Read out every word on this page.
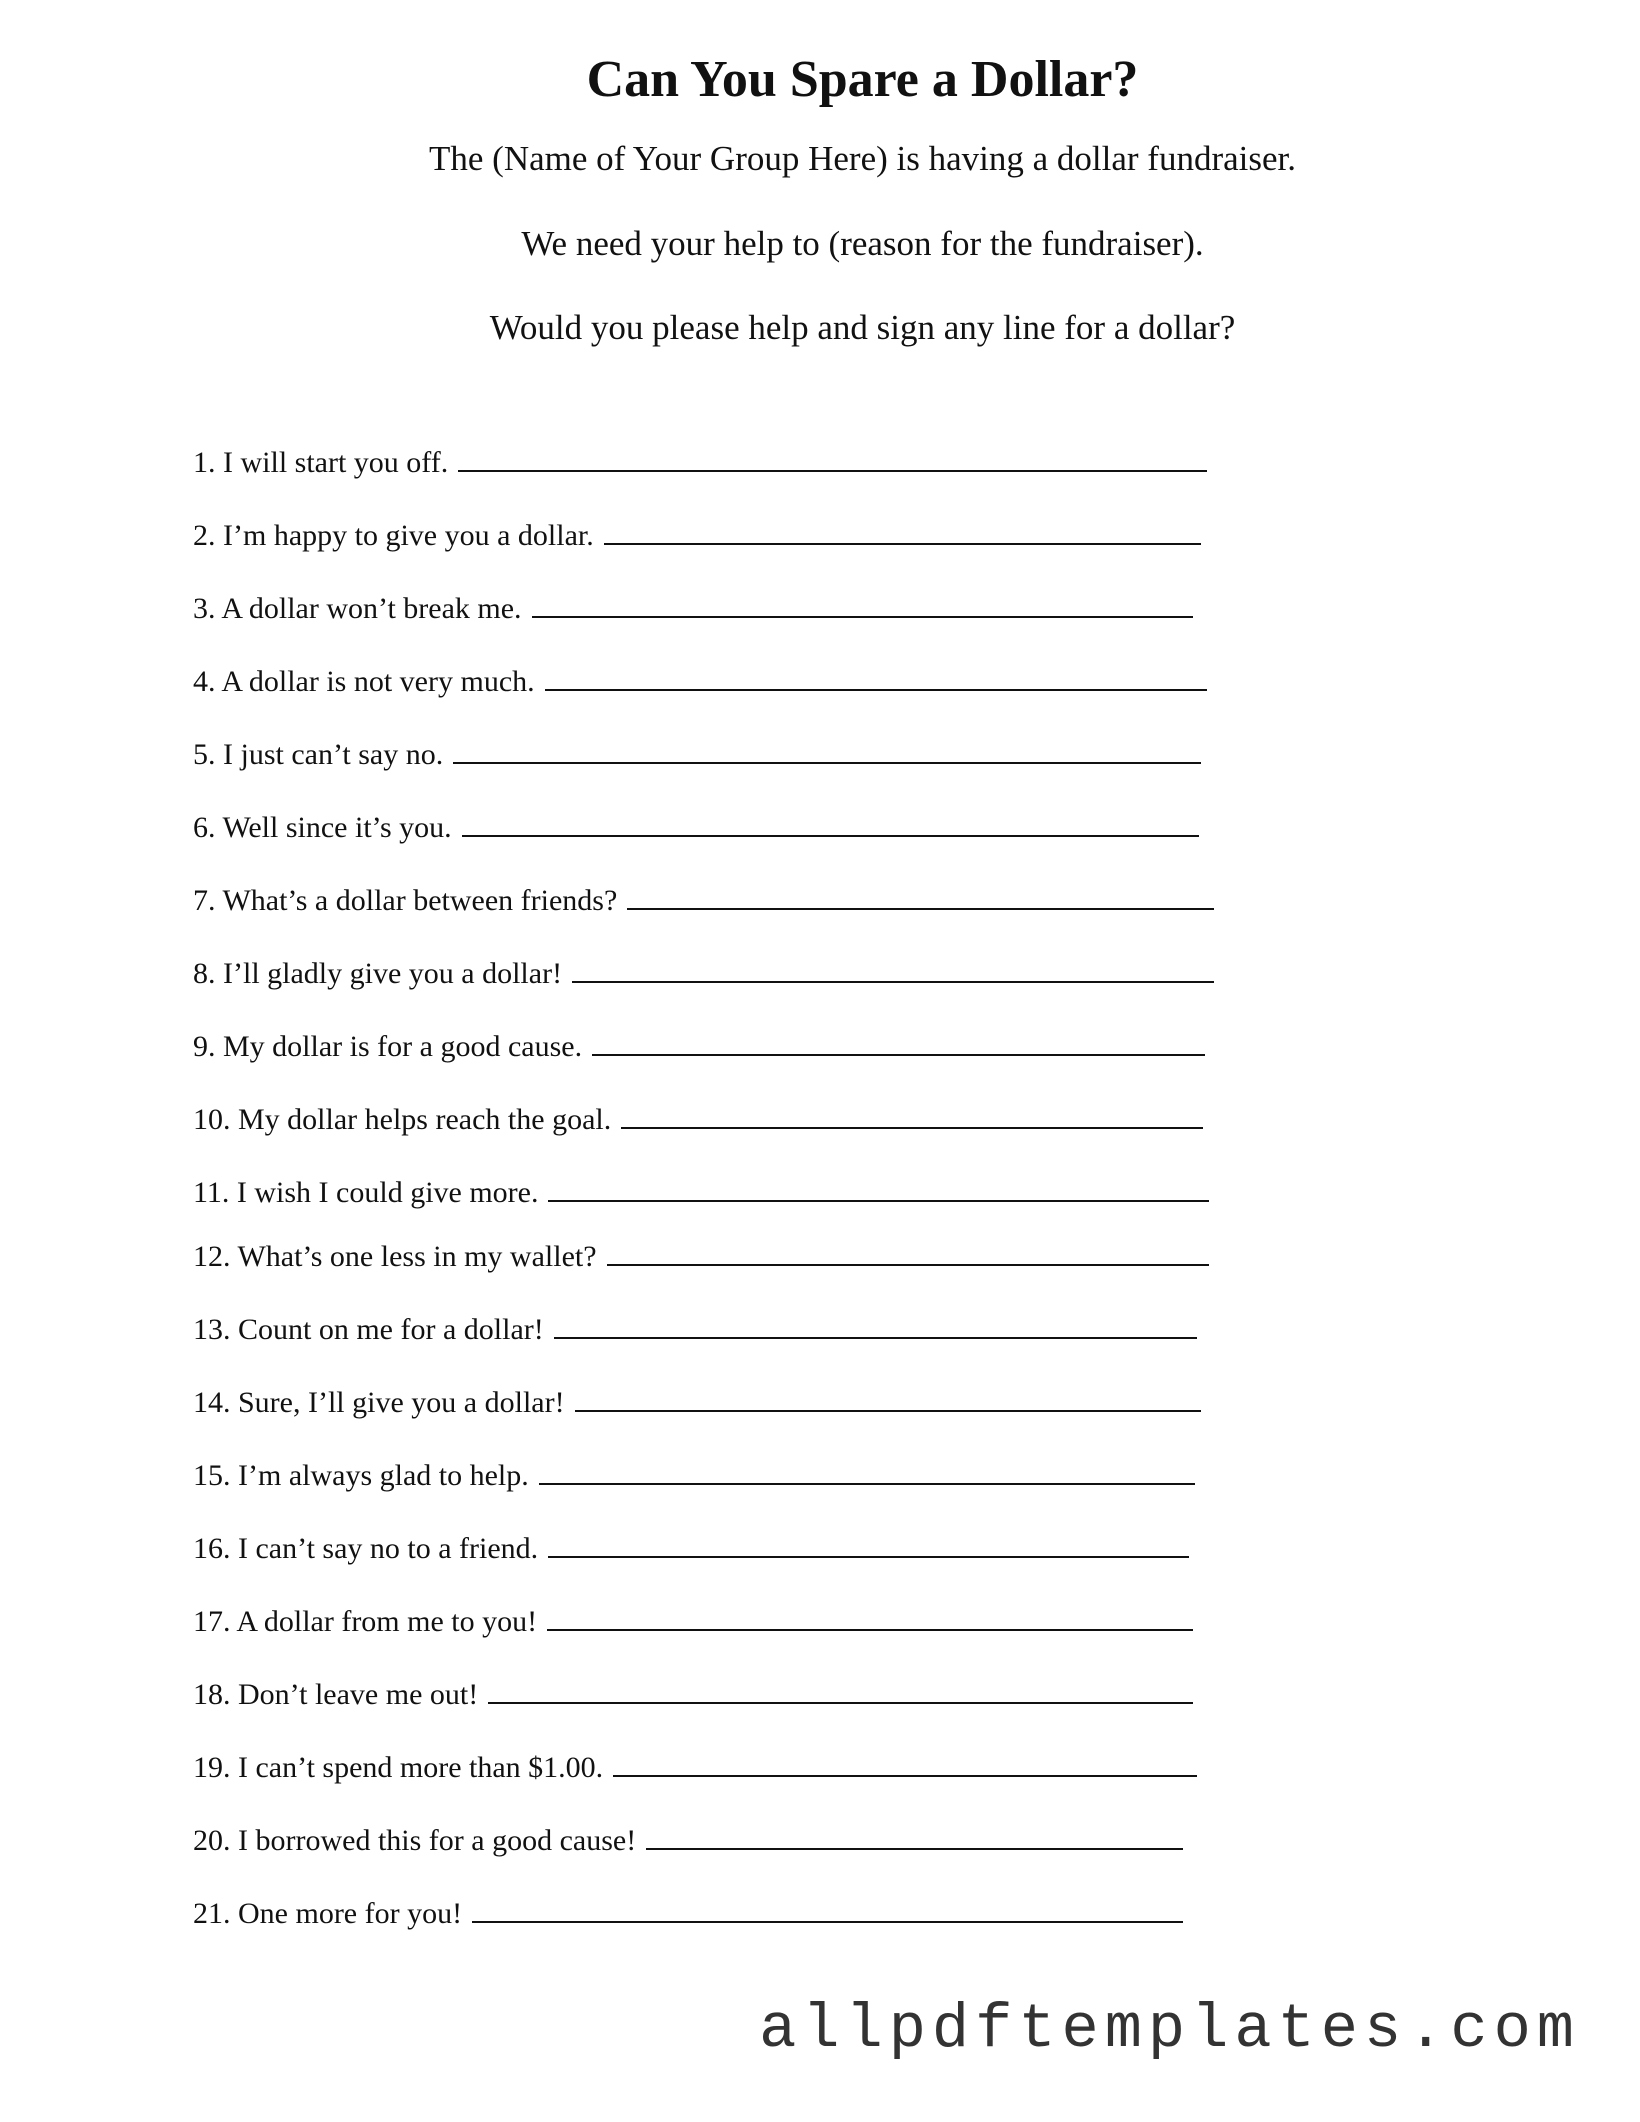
Can You Spare a Dollar?
The (Name of Your Group Here) is having a dollar fundraiser.
We need your help to (reason for the fundraiser).
Would you please help and sign any line for a dollar?
1. I will start you off.
2. I’m happy to give you a dollar.
3. A dollar won’t break me.
4. A dollar is not very much.
5. I just can’t say no.
6. Well since it’s you.
7. What’s a dollar between friends?
8. I’ll gladly give you a dollar!
9. My dollar is for a good cause.
10. My dollar helps reach the goal.
11. I wish I could give more.
12. What’s one less in my wallet?
13. Count on me for a dollar!
14. Sure, I’ll give you a dollar!
15. I’m always glad to help.
16. I can’t say no to a friend.
17. A dollar from me to you!
18. Don’t leave me out!
19. I can’t spend more than $1.00.
20. I borrowed this for a good cause!
21. One more for you!
allpdftemplates.com
